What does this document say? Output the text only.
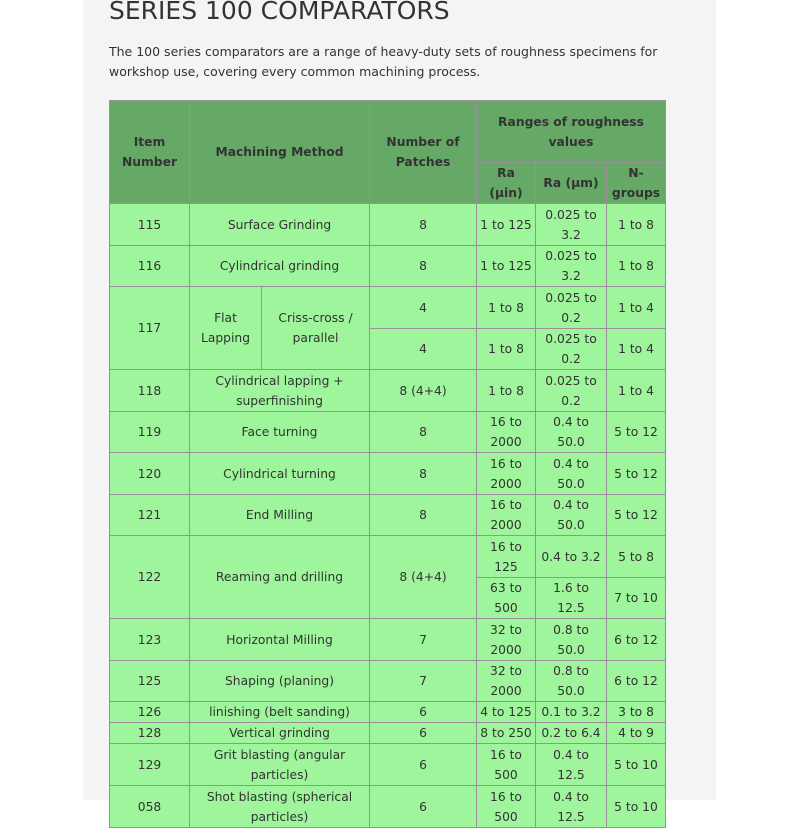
SERIES 100 COMPARATORS

The 100 series comparators are a range of heavy-duty sets of roughness specimens for workshop use, covering every common machining process.

Item Number	Machining Method		Number of Patches	Ranges of roughness values		
				Ra (µin)	Ra (µm)	N-groups
115	Surface Grinding		8	1 to 125	0.025 to 3.2	1 to 8
116	Cylindrical grinding		8	1 to 125	0.025 to 3.2	1 to 8
117	Flat Lapping	Criss-cross / parallel	4	1 to 8	0.025 to 0.2	1 to 4
			4	1 to 8	0.025 to 0.2	1 to 4
118	Cylindrical lapping + superfinishing		8 (4+4)	1 to 8	0.025 to 0.2	1 to 4
119	Face turning		8	16 to 2000	0.4 to 50.0	5 to 12
120	Cylindrical turning		8	16 to 2000	0.4 to 50.0	5 to 12
121	End Milling		8	16 to 2000	0.4 to 50.0	5 to 12
122	Reaming and drilling		8 (4+4)	16 to 125	0.4 to 3.2	5 to 8
				63 to 500	1.6 to 12.5	7 to 10
123	Horizontal Milling		7	32 to 2000	0.8 to 50.0	6 to 12
125	Shaping (planing)		7	32 to 2000	0.8 to 50.0	6 to 12
126	linishing (belt sanding)		6	4 to 125	0.1 to 3.2	3 to 8
128	Vertical grinding		6	8 to 250	0.2 to 6.4	4 to 9
129	Grit blasting (angular particles)		6	16 to 500	0.4 to 12.5	5 to 10
058	Shot blasting (spherical particles)		6	16 to 500	0.4 to 12.5	5 to 10
